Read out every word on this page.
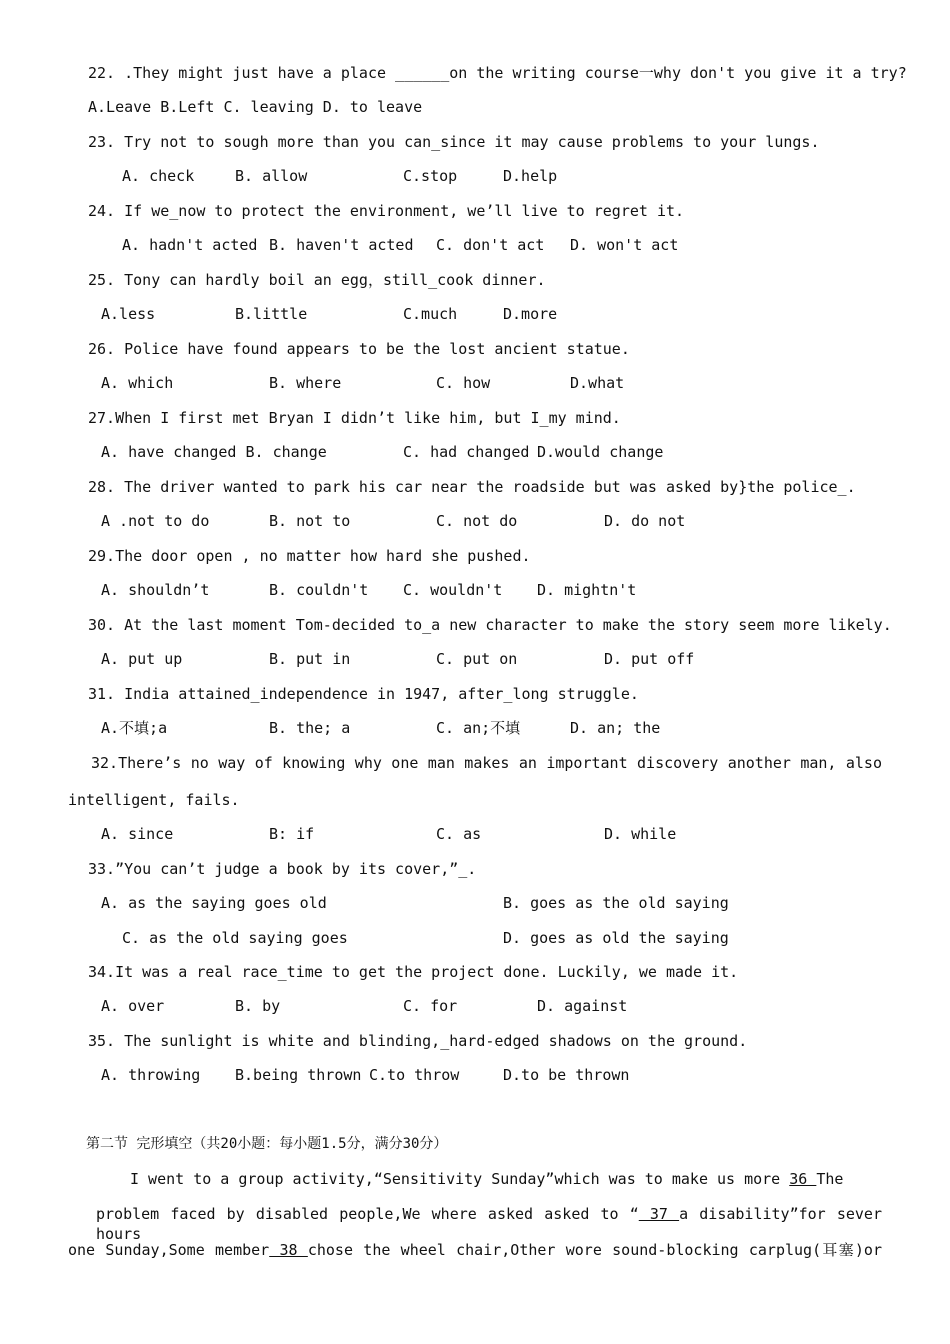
22. .They might just have a place ______on the writing course一why don't you give it a try?
A.Leave B.Left C. leaving D. to leave
23. Try not to sough more than you can_since it may cause problems to your lungs.
A. check	B. allow	C.stop	D.help
24. If we_now to protect the environment, we’ll live to regret it.
A. hadn't acted B. haven't acted C. don't act D. won't act
25. Tony can hardly boil an egg，still_cook dinner.
A.less	B.little	C.much	D.more
26. Police have found appears to be the lost ancient statue.
A. which	B. where	C. how	D.what
27.When I first met Bryan I didn’t like him, but I_my mind.
A. have changed B. change	C. had changed D.would change
28. The driver wanted to park his car near the roadside but was asked by}the police_.
A .not to do	B. not to	C. not do	D. do not
29.The door open , no matter how hard she pushed.
A. shouldn’t	B. couldn't C. wouldn't D. mightn't
30. At the last moment Tom-decided to_a new character to make the story seem more likely.
A. put up	B. put in	C. put on	D. put off
31. India attained_independence in 1947, after_long struggle.
A.不填;a	B. the; a	C. an;不填	D. an; the
32.There’s no way of knowing why one man makes an important discovery another man, also
intelligent, fails.
A. since	B: if	C. as	D. while
33.”You can’t judge a book by its cover,”_.
A. as the saying goes old	B. goes as the old saying
C. as the old saying goes	D. goes as old the saying
34.It was a real race_time to get the project done. Luckily, we made it.
A. over	B. by	C. for	D. against
35. The sunlight is white and blinding,_hard-edged shadows on the ground.
A. throwing B.being thrown C.to throw	D.to be thrown
第二节 完形填空（共20小题：每小题1.5分，满分30分）
I went to a group activity,“Sensitivity Sunday”which was to make us more 36 The
problem faced by disabled people,We where asked asked to “ 37 a disability”for sever hours
one Sunday,Some member 38 chose the wheel chair,Other wore sound-blocking carplug(耳塞)or
